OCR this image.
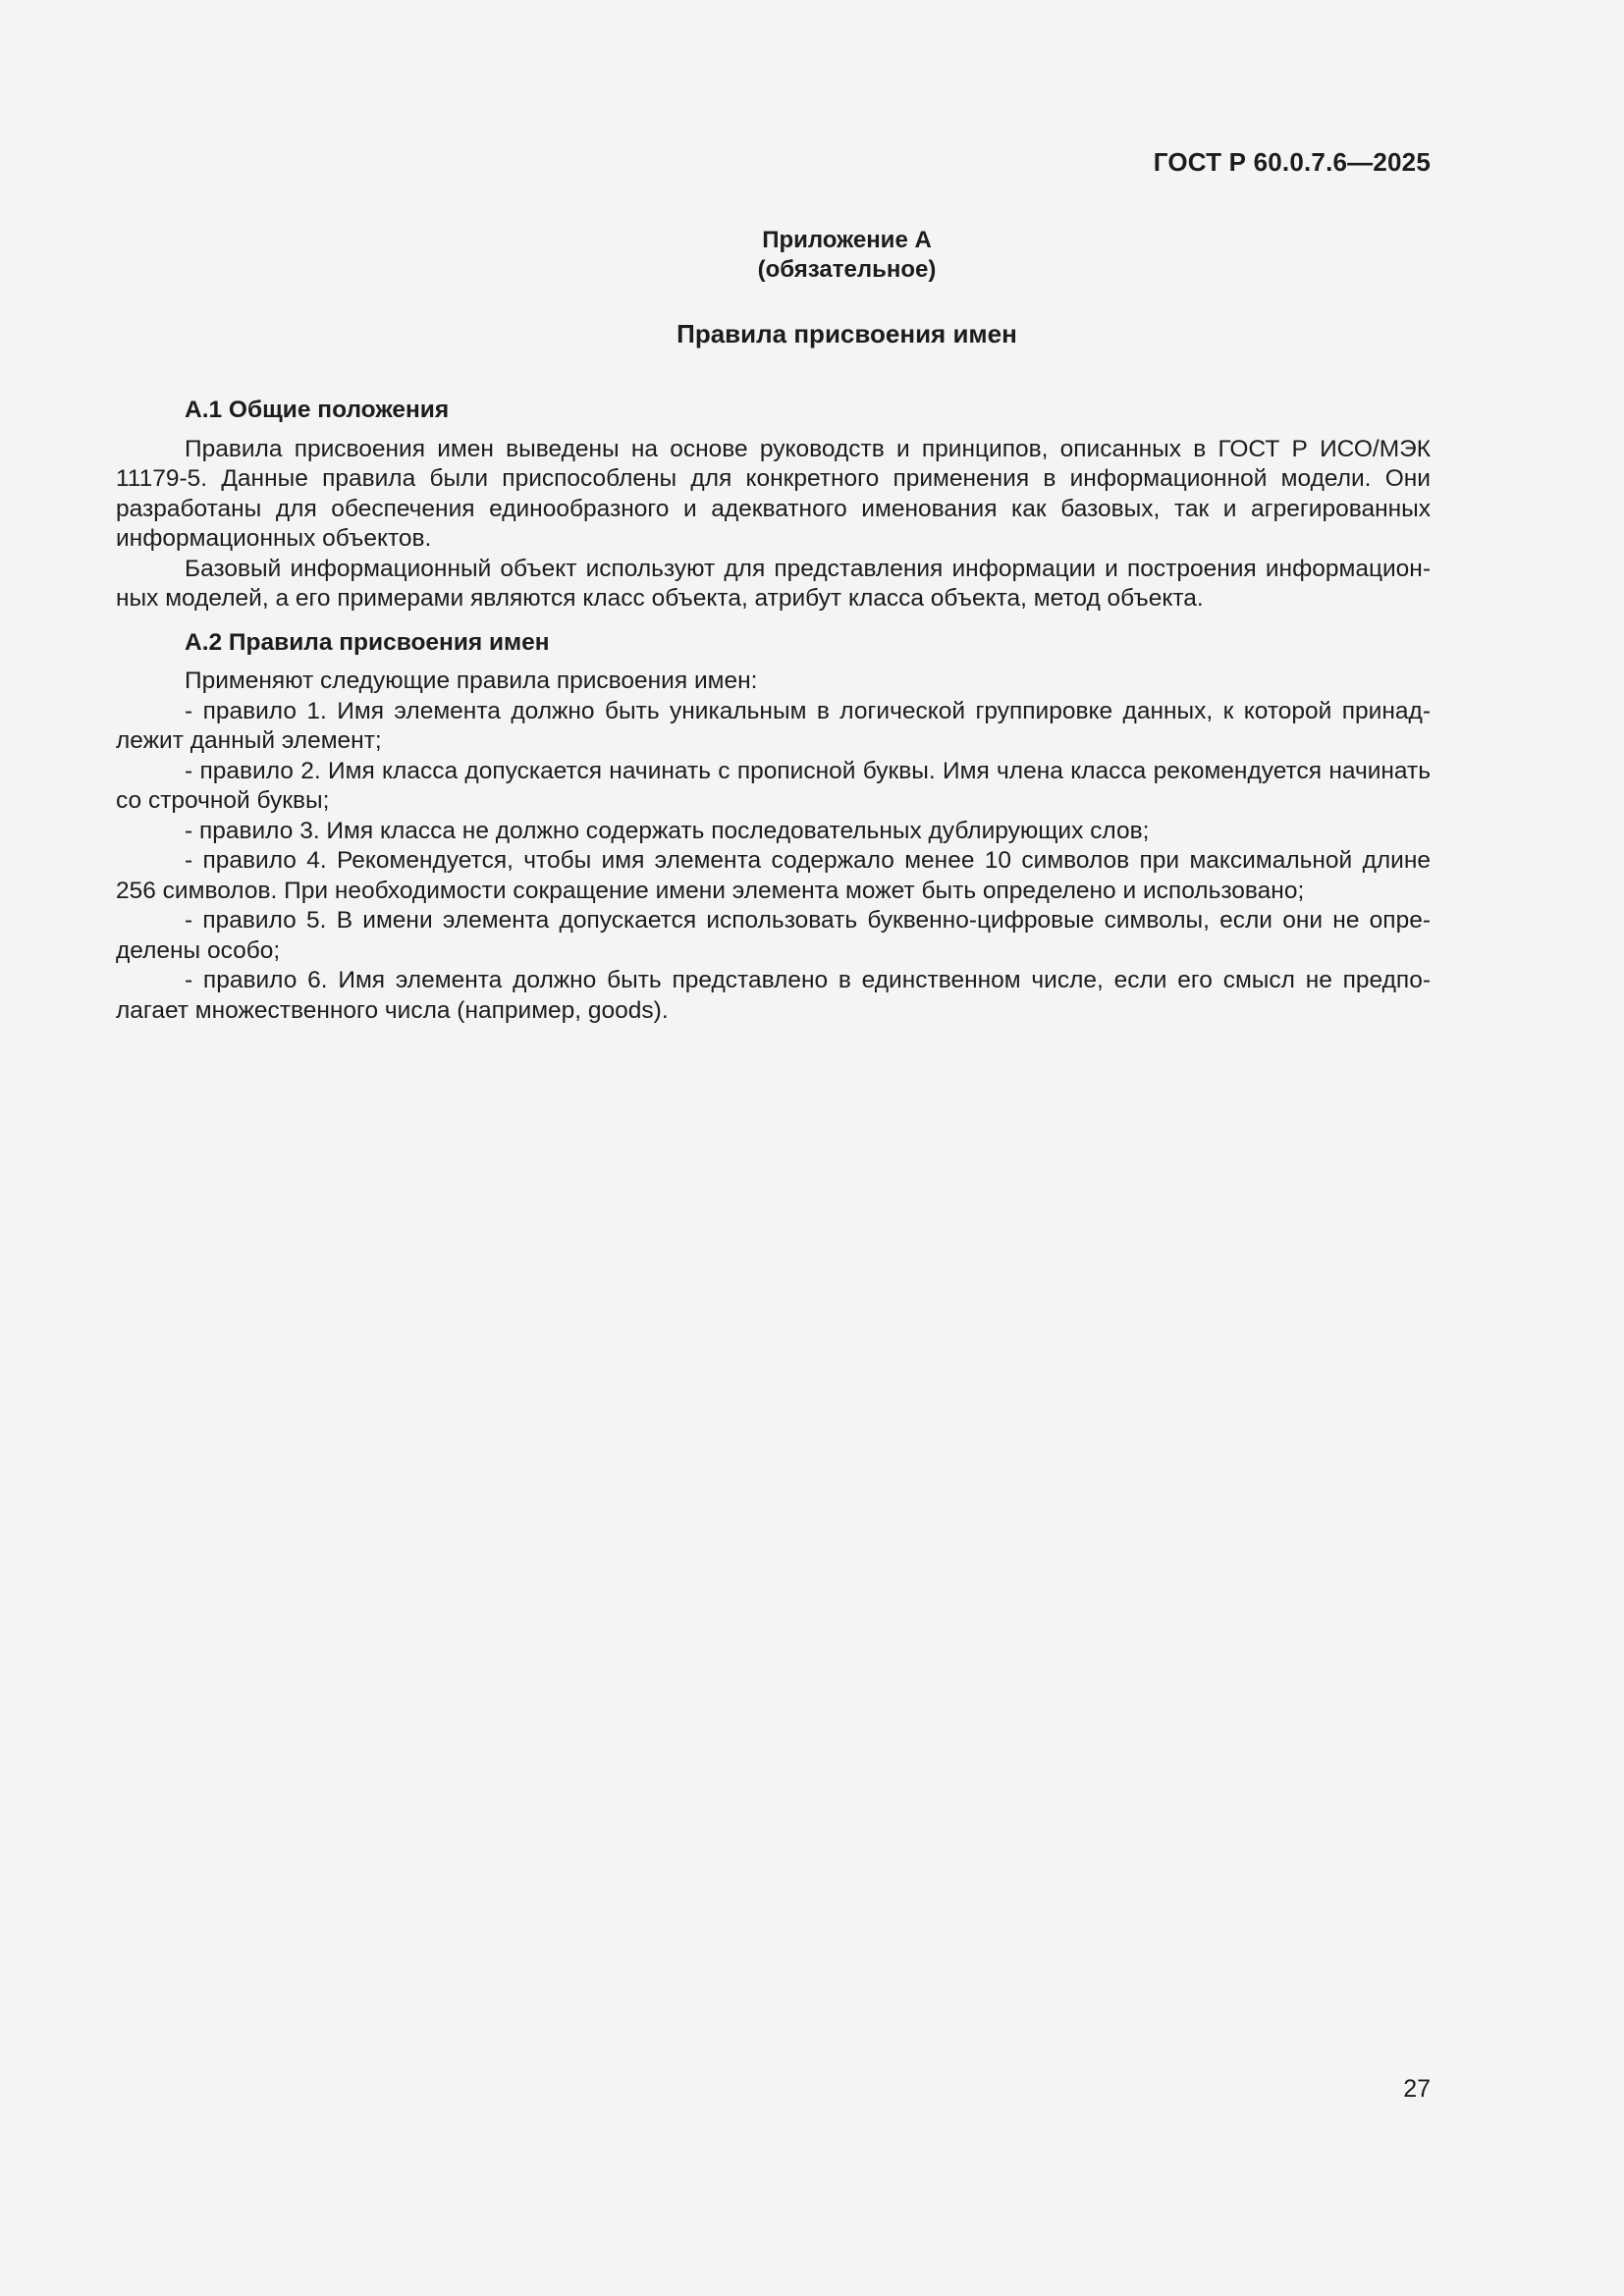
ГОСТ Р 60.0.7.6—2025
Приложение А
(обязательное)
Правила присвоения имен

А.1 Общие положения

Правила присвоения имен выведены на основе руководств и принципов, описанных в ГОСТ Р ИСО/МЭК 11179-5. Данные правила были приспособлены для конкретного применения в информационной модели. Они разработаны для обеспечения единообразного и адекватного именования как базовых, так и агрегированных информационных объектов.

Базовый информационный объект используют для представления информации и построения информационных моделей, а его примерами являются класс объекта, атрибут класса объекта, метод объекта.

А.2 Правила присвоения имен

Применяют следующие правила присвоения имен:

- правило 1. Имя элемента должно быть уникальным в логической группировке данных, к которой принадлежит данный элемент;

- правило 2. Имя класса допускается начинать с прописной буквы. Имя члена класса рекомендуется начинать со строчной буквы;

- правило 3. Имя класса не должно содержать последовательных дублирующих слов;

- правило 4. Рекомендуется, чтобы имя элемента содержало менее 10 символов при максимальной длине 256 символов. При необходимости сокращение имени элемента может быть определено и использовано;

- правило 5. В имени элемента допускается использовать буквенно-цифровые символы, если они не определены особо;

- правило 6. Имя элемента должно быть представлено в единственном числе, если его смысл не предполагает множественного числа (например, goods).

27
